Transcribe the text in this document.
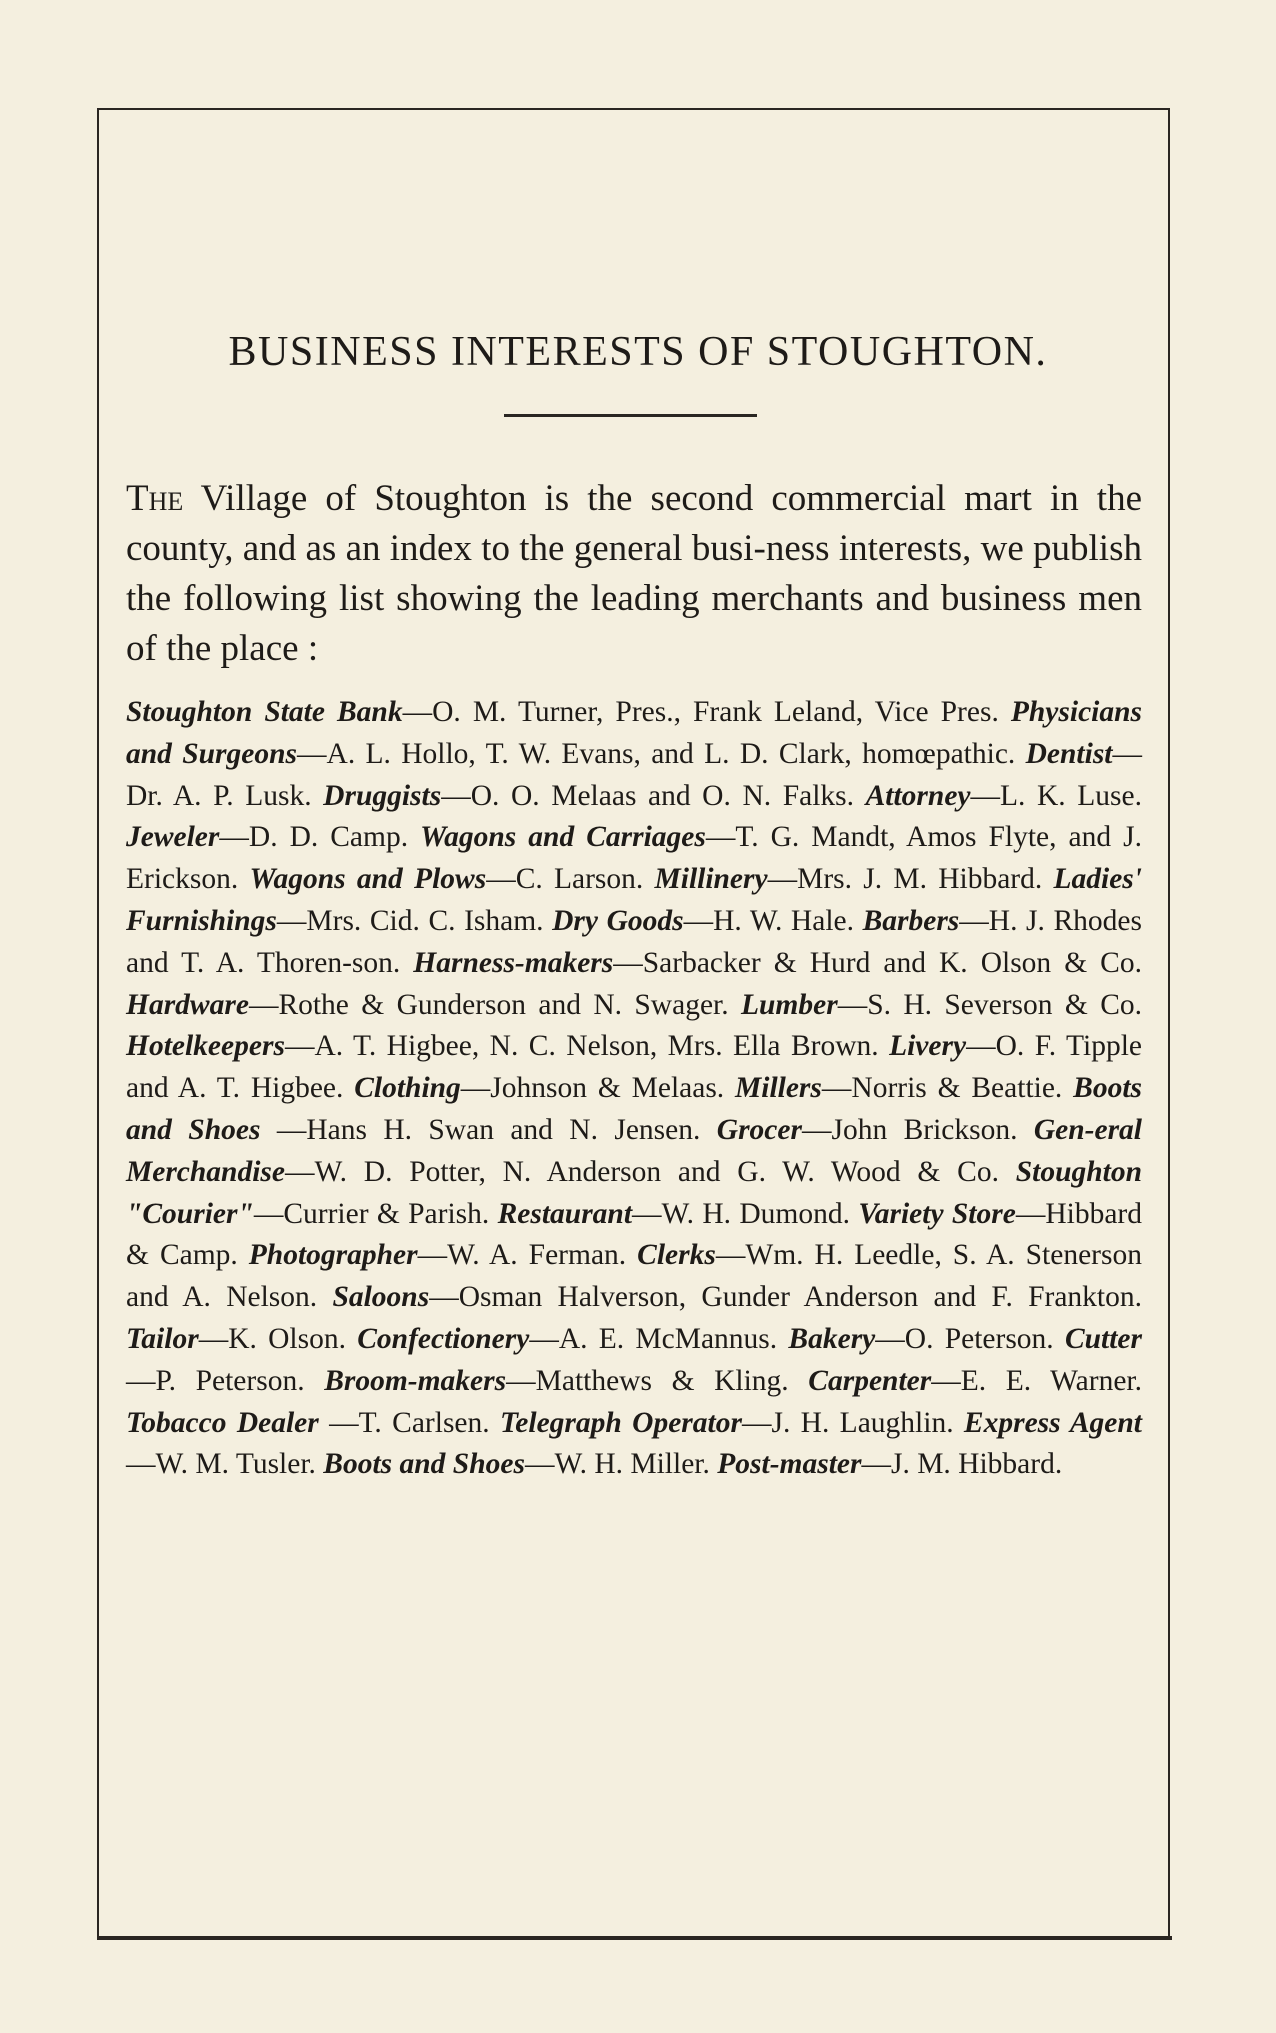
BUSINESS INTERESTS OF STOUGHTON.

The Village of Stoughton is the second commercial mart in the county, and as an index to the general busi-ness interests, we publish the following list showing the leading merchants and business men of the place :

Stoughton State Bank—O. M. Turner, Pres., Frank Leland, Vice Pres. Physicians and Surgeons—A. L. Hollo, T. W. Evans, and L. D. Clark, homœpathic. Dentist—Dr. A. P. Lusk. Druggists—O. O. Melaas and O. N. Falks. Attorney—L. K. Luse. Jeweler—D. D. Camp. Wagons and Carriages—T. G. Mandt, Amos Flyte, and J. Erickson. Wagons and Plows—C. Larson. Millinery—Mrs. J. M. Hibbard. Ladies' Furnishings—Mrs. Cid. C. Isham. Dry Goods—H. W. Hale. Barbers—H. J. Rhodes and T. A. Thoren-son. Harness-makers—Sarbacker & Hurd and K. Olson & Co. Hardware—Rothe & Gunderson and N. Swager. Lumber—S. H. Severson & Co. Hotelkeepers—A. T. Higbee, N. C. Nelson, Mrs. Ella Brown. Livery—O. F. Tipple and A. T. Higbee. Clothing—Johnson & Melaas. Millers—Norris & Beattie. Boots and Shoes —Hans H. Swan and N. Jensen. Grocer—John Brickson. Gen-eral Merchandise—W. D. Potter, N. Anderson and G. W. Wood & Co. Stoughton "Courier"—Currier & Parish. Restaurant—W. H. Dumond. Variety Store—Hibbard & Camp. Photographer—W. A. Ferman. Clerks—Wm. H. Leedle, S. A. Stenerson and A. Nelson. Saloons—Osman Halverson, Gunder Anderson and F. Frankton. Tailor—K. Olson. Confectionery—A. E. McMannus. Bakery—O. Peterson. Cutter—P. Peterson. Broom-makers—Matthews & Kling. Carpenter—E. E. Warner. Tobacco Dealer —T. Carlsen. Telegraph Operator—J. H. Laughlin. Express Agent—W. M. Tusler. Boots and Shoes—W. H. Miller. Post-master—J. M. Hibbard.
